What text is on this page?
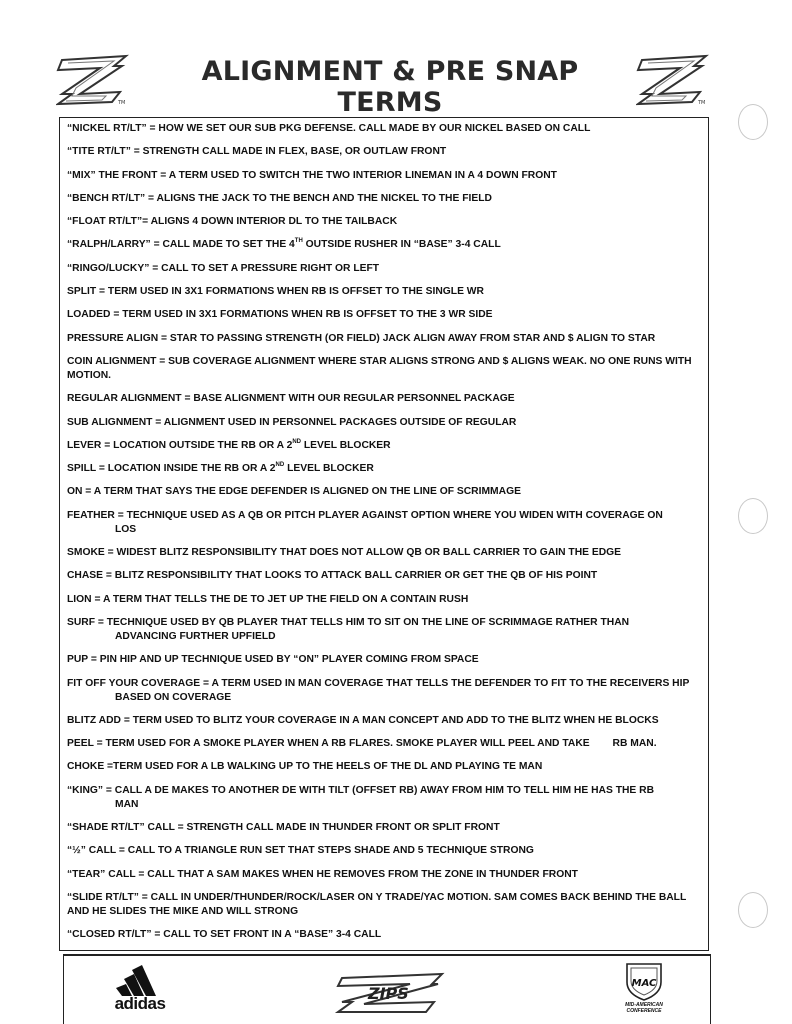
TM
ALIGNMENT & PRE SNAP TERMS	TM
“NICKEL RT/LT” = HOW WE SET OUR SUB PKG DEFENSE. CALL MADE BY OUR NICKEL BASED ON CALL
“TITE RT/LT” = STRENGTH CALL MADE IN FLEX, BASE, OR OUTLAW FRONT
“MIX” THE FRONT = A TERM USED TO SWITCH THE TWO INTERIOR LINEMAN IN A 4 DOWN FRONT
“BENCH RT/LT” = ALIGNS THE JACK TO THE BENCH AND THE NICKEL TO THE FIELD
“FLOAT RT/LT”= ALIGNS 4 DOWN INTERIOR DL TO THE TAILBACK
“RALPH/LARRY” = CALL MADE TO SET THE 4TH OUTSIDE RUSHER IN “BASE” 3-4 CALL
“RINGO/LUCKY” = CALL TO SET A PRESSURE RIGHT OR LEFT
SPLIT = TERM USED IN 3X1 FORMATIONS WHEN RB IS OFFSET TO THE SINGLE WR
LOADED = TERM USED IN 3X1 FORMATIONS WHEN RB IS OFFSET TO THE 3 WR SIDE
PRESSURE ALIGN = STAR TO PASSING STRENGTH (OR FIELD) JACK ALIGN AWAY FROM STAR AND $ ALIGN TO STAR
COIN ALIGNMENT = SUB COVERAGE ALIGNMENT WHERE STAR ALIGNS STRONG AND $ ALIGNS WEAK. NO ONE RUNS WITH MOTION.
REGULAR ALIGNMENT = BASE ALIGNMENT WITH OUR REGULAR PERSONNEL PACKAGE
SUB ALIGNMENT = ALIGNMENT USED IN PERSONNEL PACKAGES OUTSIDE OF REGULAR
LEVER = LOCATION OUTSIDE THE RB OR A 2ND LEVEL BLOCKER
SPILL = LOCATION INSIDE THE RB OR A 2ND LEVEL BLOCKER
ON = A TERM THAT SAYS THE EDGE DEFENDER IS ALIGNED ON THE LINE OF SCRIMMAGE
FEATHER = TECHNIQUE USED AS A QB OR PITCH PLAYER AGAINST OPTION WHERE YOU WIDEN WITH COVERAGE ON
LOS
SMOKE = WIDEST BLITZ RESPONSIBILITY THAT DOES NOT ALLOW QB OR BALL CARRIER TO GAIN THE EDGE
CHASE = BLITZ RESPONSIBILITY THAT LOOKS TO ATTACK BALL CARRIER OR GET THE QB OF HIS POINT
LION = A TERM THAT TELLS THE DE TO JET UP THE FIELD ON A CONTAIN RUSH
SURF = TECHNIQUE USED BY QB PLAYER THAT TELLS HIM TO SIT ON THE LINE OF SCRIMMAGE RATHER THAN
ADVANCING FURTHER UPFIELD
PUP = PIN HIP AND UP TECHNIQUE USED BY “ON” PLAYER COMING FROM SPACE
FIT OFF YOUR COVERAGE = A TERM USED IN MAN COVERAGE THAT TELLS THE DEFENDER TO FIT TO THE RECEIVERS HIP
BASED ON COVERAGE
BLITZ ADD = TERM USED TO BLITZ YOUR COVERAGE IN A MAN CONCEPT AND ADD TO THE BLITZ WHEN HE BLOCKS
PEEL = TERM USED FOR A SMOKE PLAYER WHEN A RB FLARES. SMOKE PLAYER WILL PEEL AND TAKE        RB MAN.
CHOKE =TERM USED FOR A LB WALKING UP TO THE HEELS OF THE DL AND PLAYING TE MAN
“KING” = CALL A DE MAKES TO ANOTHER DE WITH TILT (OFFSET RB) AWAY FROM HIM TO TELL HIM HE HAS THE RB
MAN
“SHADE RT/LT” CALL = STRENGTH CALL MADE IN THUNDER FRONT OR SPLIT FRONT
“½” CALL = CALL TO A TRIANGLE RUN SET THAT STEPS SHADE AND 5 TECHNIQUE STRONG
“TEAR” CALL = CALL THAT A SAM MAKES WHEN HE REMOVES FROM THE ZONE IN THUNDER FRONT
“SLIDE RT/LT” = CALL IN UNDER/THUNDER/ROCK/LASER ON Y TRADE/YAC MOTION. SAM COMES BACK BEHIND THE BALL AND HE SLIDES THE MIKE AND WILL STRONG
“CLOSED RT/LT” = CALL TO SET FRONT IN A “BASE” 3-4 CALL
adidas
ZIPS
MAC
MID-AMERICAN
CONFERENCE
